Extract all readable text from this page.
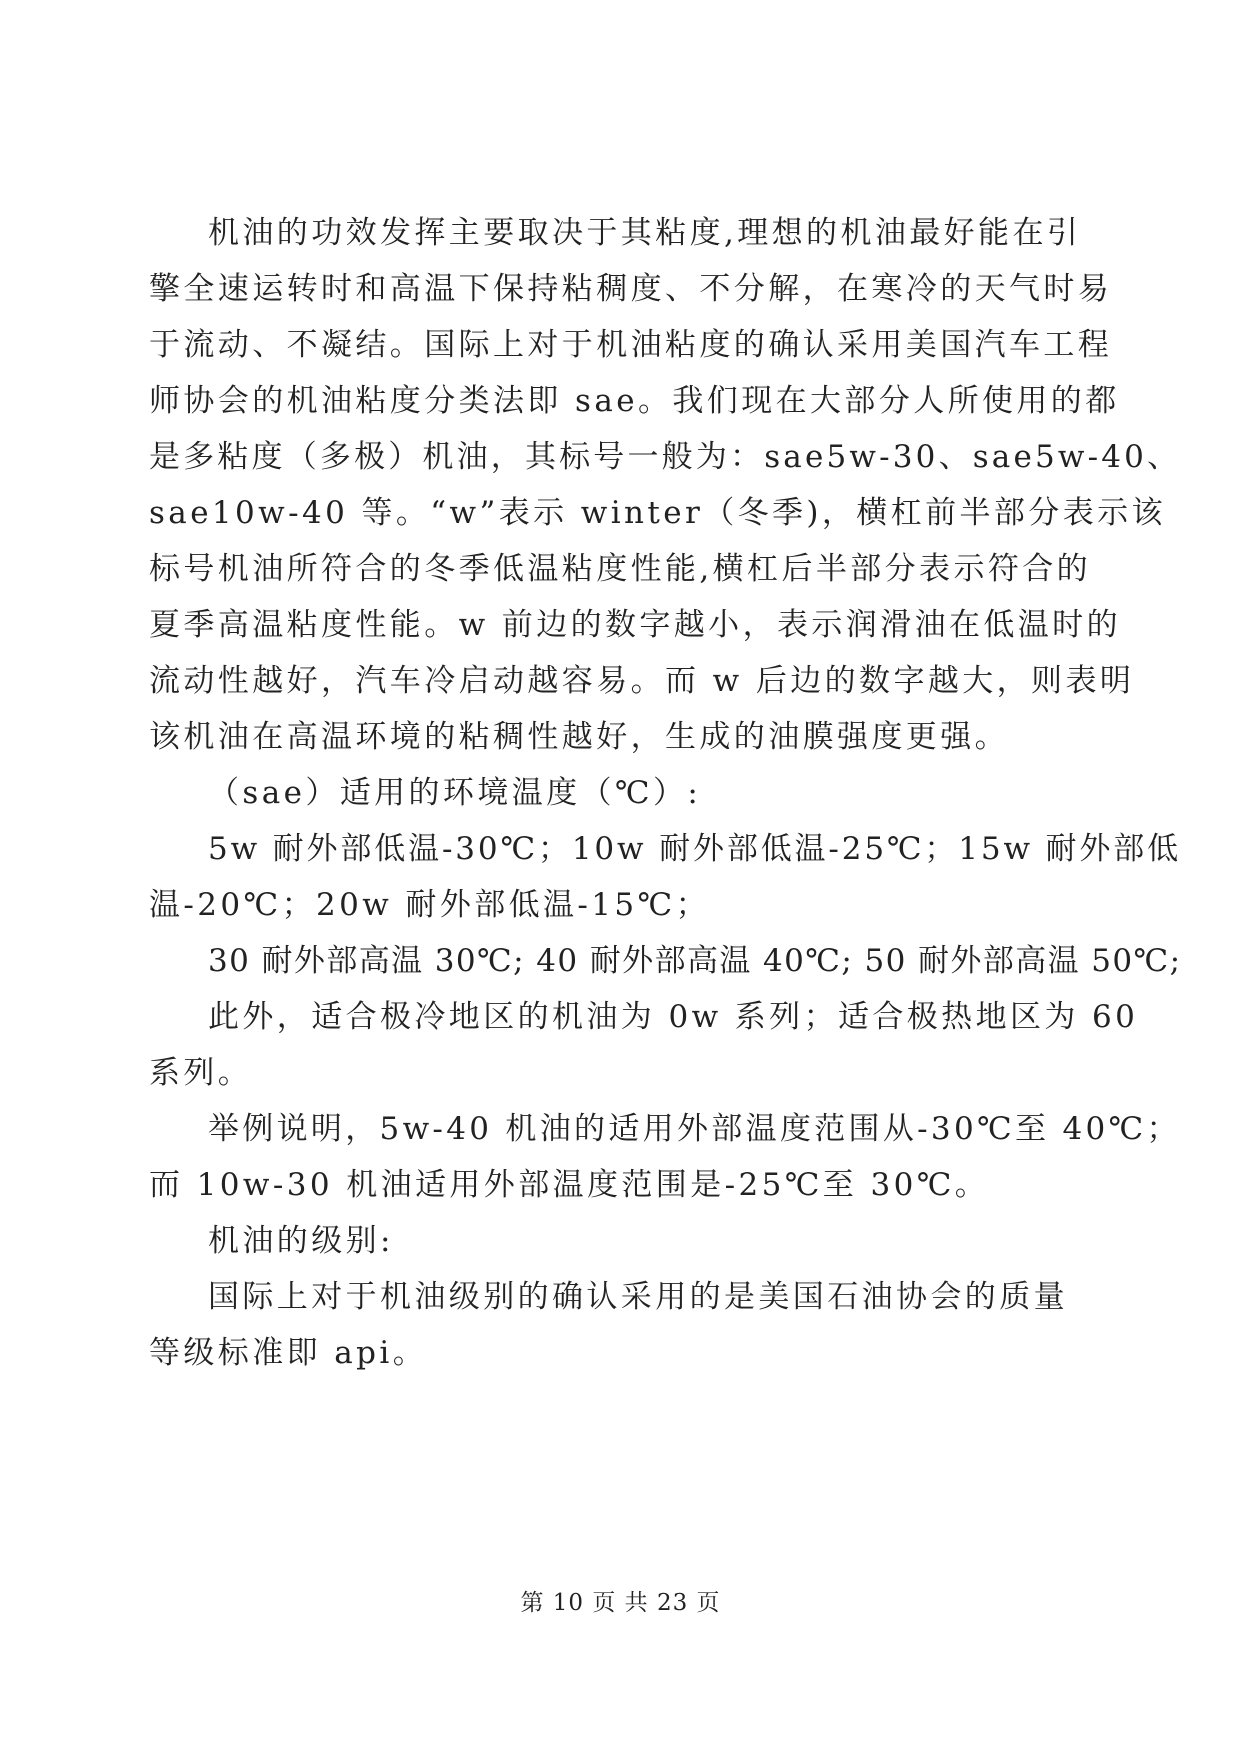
机油的功效发挥主要取决于其粘度,理想的机油最好能在引
擎全速运转时和高温下保持粘稠度、不分解，在寒冷的天气时易
于流动、不凝结。国际上对于机油粘度的确认采用美国汽车工程
师协会的机油粘度分类法即 sae。我们现在大部分人所使用的都
是多粘度（多极）机油，其标号一般为：sae5w-30、sae5w-40、
sae10w-40 等。“w”表示 winter（冬季)，横杠前半部分表示该
标号机油所符合的冬季低温粘度性能,横杠后半部分表示符合的
夏季高温粘度性能。w 前边的数字越小，表示润滑油在低温时的
流动性越好，汽车冷启动越容易。而 w 后边的数字越大，则表明
该机油在高温环境的粘稠性越好，生成的油膜强度更强。
（sae）适用的环境温度（℃）:
5w 耐外部低温-30℃；10w 耐外部低温-25℃；15w 耐外部低
温-20℃；20w 耐外部低温-15℃；
30 耐外部高温 30℃; 40 耐外部高温 40℃; 50 耐外部高温 50℃;
此外，适合极冷地区的机油为 0w 系列；适合极热地区为 60
系列。
举例说明，5w-40 机油的适用外部温度范围从-30℃至 40℃；
而 10w-30 机油适用外部温度范围是-25℃至 30℃。
机油的级别:
国际上对于机油级别的确认采用的是美国石油协会的质量
等级标准即 api。
第 10 页 共 23 页
